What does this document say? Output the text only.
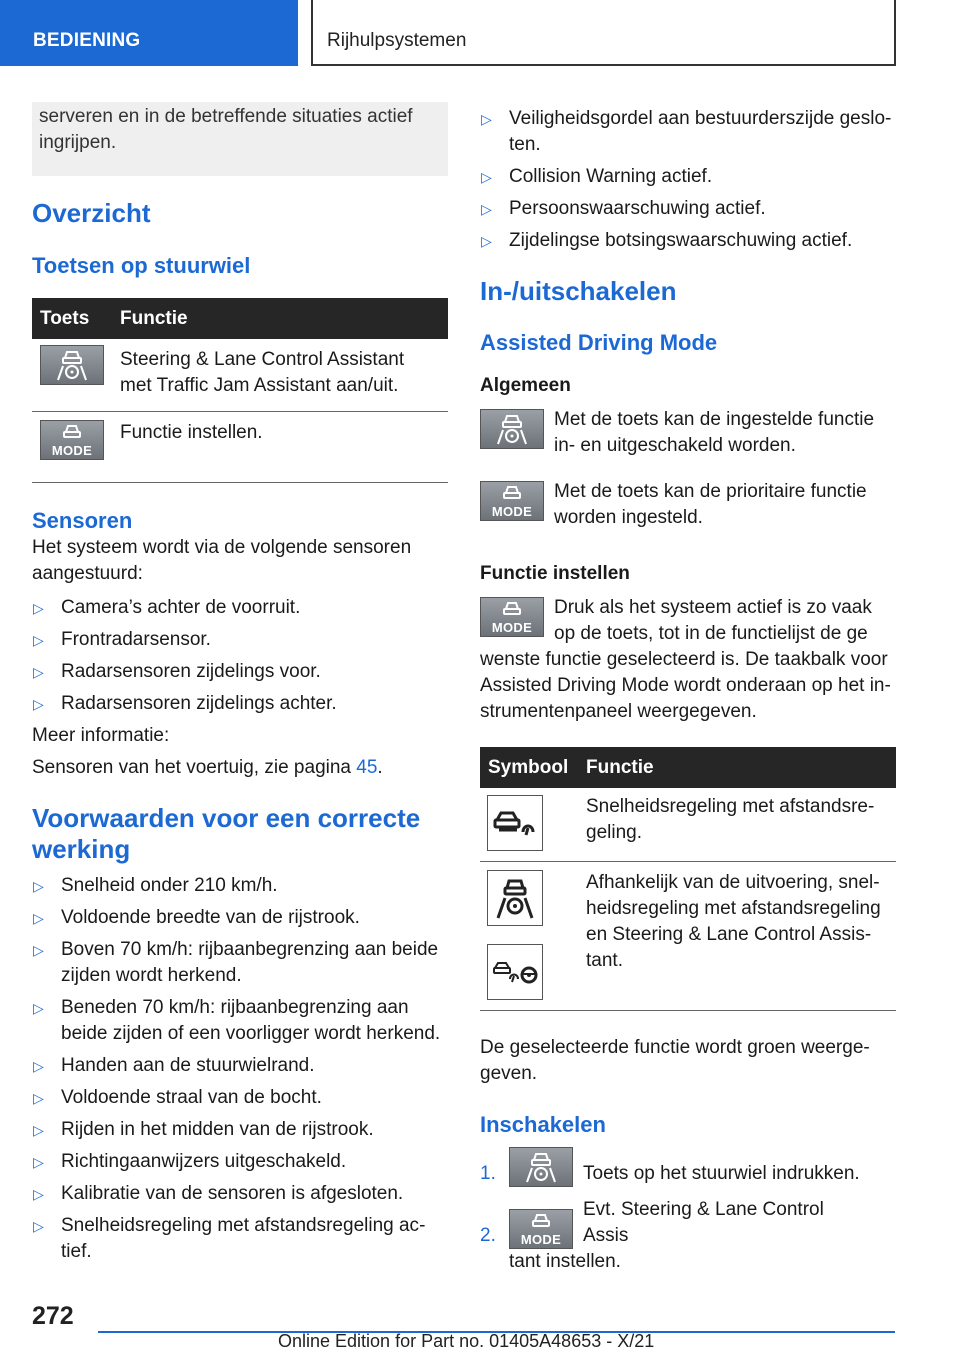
BEDIENING	Rijhulpsystemen
serveren en in de betreffende situaties actief ingrijpen.
Overzicht
Toetsen op stuurwiel
Toets	Functie

	Steering & Lane Control Assistant met Traffic Jam Assistant aan/uit.

MODE	Functie instellen.
Sensoren

Het systeem wordt via de volgende sensoren aangestuurd:

▷ Camera’s achter de voorruit.
▷ Frontradarsensor.
▷ Radarsensoren zijdelings voor.
▷ Radarsensoren zijdelings achter.

Meer informatie:

Sensoren van het voertuig, zie pagina 45.

Voorwaarden voor een correcte werking
▷ Snelheid onder 210 km/h.
▷ Voldoende breedte van de rijstrook.
▷ Boven 70 km/h: rijbaanbegrenzing aan beide zijden wordt herkend.
▷ Beneden 70 km/h: rijbaanbegrenzing aan beide zijden of een voorligger wordt herkend.
▷ Handen aan de stuurwielrand.
▷ Voldoende straal van de bocht.
▷ Rijden in het midden van de rijstrook.
▷ Richtingaanwijzers uitgeschakeld.
▷ Kalibratie van de sensoren is afgesloten.
▷ Snelheidsregeling met afstandsregeling actief.
▷ Veiligheidsgordel aan bestuurderszijde gesloten.
▷ Collision Warning actief.
▷ Persoonswaarschuwing actief.
▷ Zijdelingse botsingswaarschuwing actief.
In-/uitschakelen
Assisted Driving Mode
Algemeen

Met de toets kan de ingestelde functie in- en uitgeschakeld worden.

MODE

Met de toets kan de prioritaire functie worden ingesteld.

Functie instellen
MODE

Druk als het systeem actief is zo vaak op de toets, tot in de functielijst de ge

wenste functie geselecteerd is. De taakbalk voor Assisted Driving Mode wordt onderaan op het instrumentenpaneel weergegeven.

Symbool	Functie

	Snelheidsregeling met afstandsregeling.

	Afhankelijk van de uitvoering, snelheidsregeling met afstandsregeling en Steering & Lane Control Assistant.

De geselecteerde functie wordt groen weergegeven.

Inschakelen
1.	Toets op het stuurwiel indrukken.
2.	MODE
Evt. Steering & Lane Control Assis

tant instellen.

272
Online Edition for Part no. 01405A48653 - X/21
